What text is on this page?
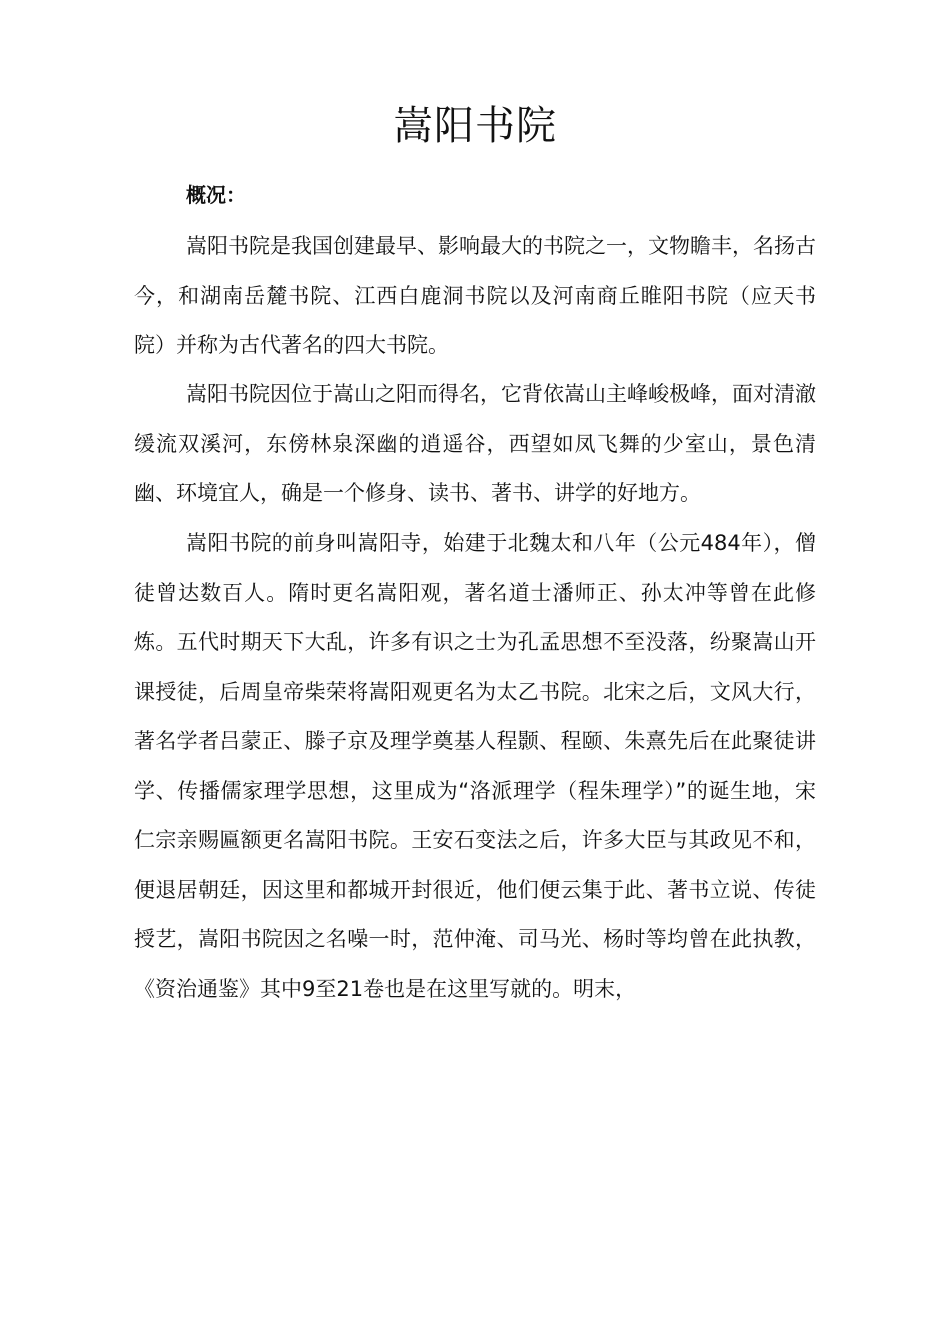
嵩阳书院

概况：

嵩阳书院是我国创建最早、影响最大的书院之一，文物瞻丰，名扬古今，和湖南岳麓书院、江西白鹿洞书院以及河南商丘睢阳书院（应天书院）并称为古代著名的四大书院。

嵩阳书院因位于嵩山之阳而得名，它背依嵩山主峰峻极峰，面对清澈缓流双溪河，东傍林泉深幽的逍遥谷，西望如凤飞舞的少室山，景色清幽、环境宜人，确是一个修身、读书、著书、讲学的好地方。

嵩阳书院的前身叫嵩阳寺，始建于北魏太和八年（公元484年），僧徒曾达数百人。隋时更名嵩阳观，著名道士潘师正、孙太冲等曾在此修炼。五代时期天下大乱，许多有识之士为孔孟思想不至没落，纷聚嵩山开课授徒，后周皇帝柴荣将嵩阳观更名为太乙书院。北宋之后，文风大行，著名学者吕蒙正、滕子京及理学奠基人程颢、程颐、朱熹先后在此聚徒讲学、传播儒家理学思想，这里成为“洛派理学（程朱理学）”的诞生地，宋仁宗亲赐匾额更名嵩阳书院。王安石变法之后，许多大臣与其政见不和，便退居朝廷，因这里和都城开封很近，他们便云集于此、著书立说、传徒授艺，嵩阳书院因之名噪一时，范仲淹、司马光、杨时等均曾在此执教，《资治通鉴》其中9至21卷也是在这里写就的。明末，
